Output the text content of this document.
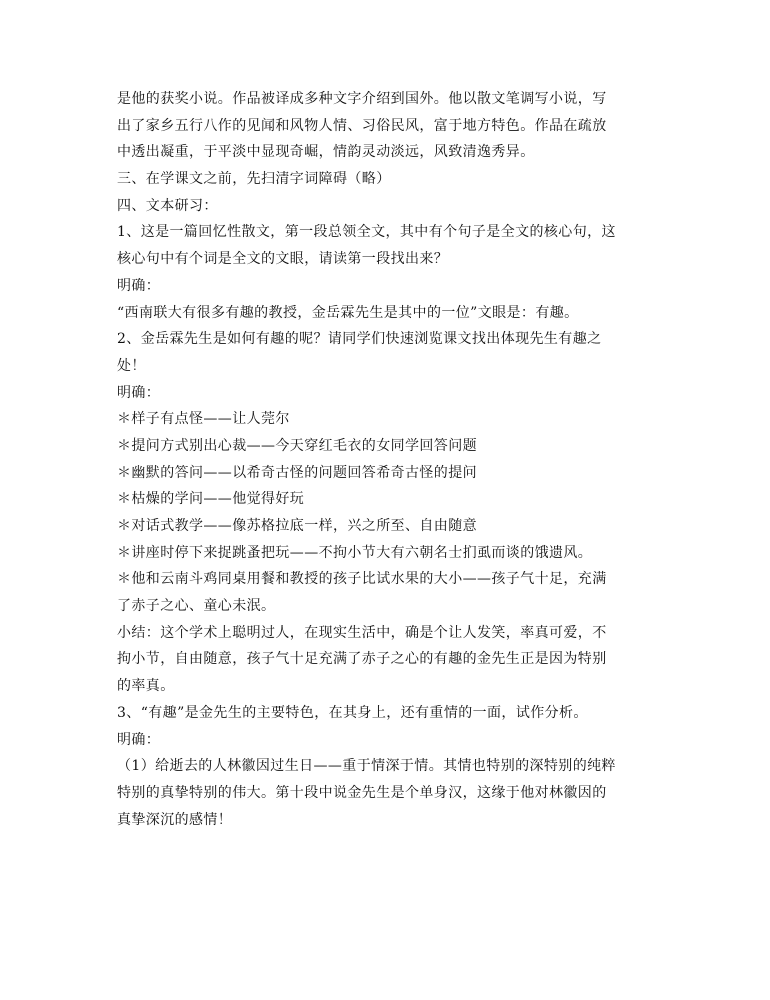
是他的获奖小说。作品被译成多种文字介绍到国外。他以散文笔调写小说，写
出了家乡五行八作的见闻和风物人情、习俗民风，富于地方特色。作品在疏放
中透出凝重，于平淡中显现奇崛，情韵灵动淡远，风致清逸秀异。
三、在学课文之前，先扫清字词障碍（略）
四、文本研习：
1、这是一篇回忆性散文，第一段总领全文，其中有个句子是全文的核心句，这
核心句中有个词是全文的文眼，请读第一段找出来？
明确：
“西南联大有很多有趣的教授，金岳霖先生是其中的一位”文眼是：有趣。
2、金岳霖先生是如何有趣的呢？请同学们快速浏览课文找出体现先生有趣之
处！
明确：
＊样子有点怪——让人莞尔
＊提问方式别出心裁——今天穿红毛衣的女同学回答问题
＊幽默的答问——以希奇古怪的问题回答希奇古怪的提问
＊枯燥的学问——他觉得好玩
＊对话式教学——像苏格拉底一样，兴之所至、自由随意
＊讲座时停下来捉跳蚤把玩——不拘小节大有六朝名士扪虱而谈的饿遗风。
＊他和云南斗鸡同桌用餐和教授的孩子比试水果的大小——孩子气十足，充满
了赤子之心、童心未泯。
小结：这个学术上聪明过人，在现实生活中，确是个让人发笑，率真可爱，不
拘小节，自由随意，孩子气十足充满了赤子之心的有趣的金先生正是因为特别
的率真。
3、“有趣”是金先生的主要特色，在其身上，还有重情的一面，试作分析。
明确：
（1）给逝去的人林徽因过生日——重于情深于情。其情也特别的深特别的纯粹
特别的真挚特别的伟大。第十段中说金先生是个单身汉，这缘于他对林徽因的
真挚深沉的感情！
